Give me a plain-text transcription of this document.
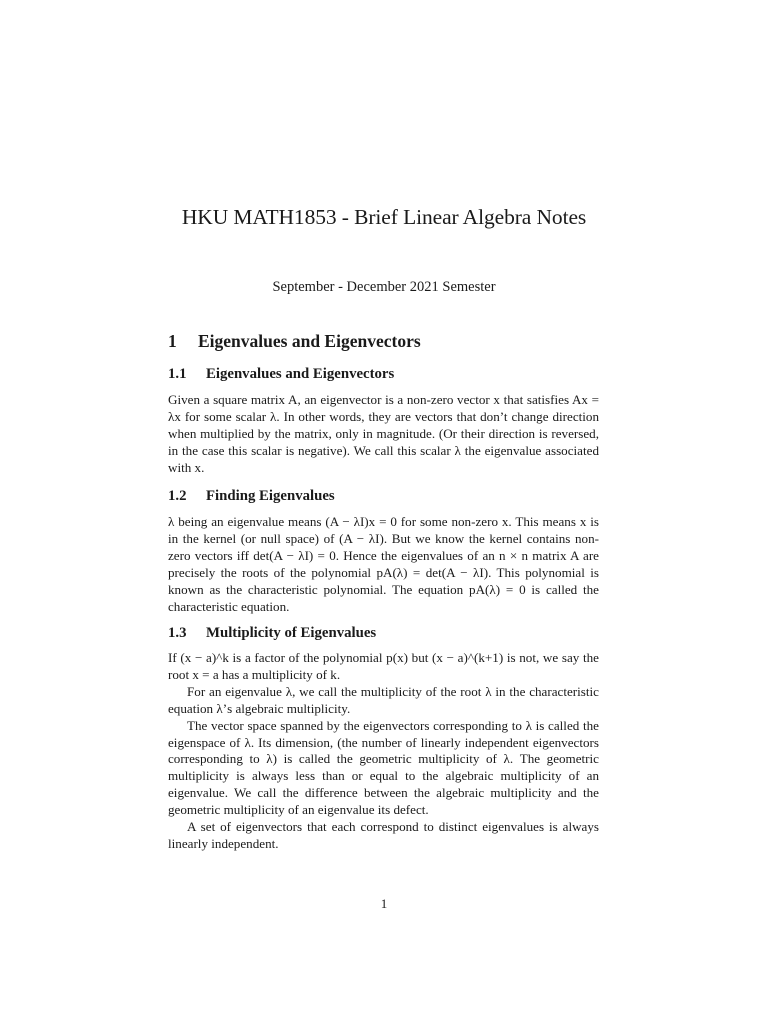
HKU MATH1853 - Brief Linear Algebra Notes
September - December 2021 Semester
1 Eigenvalues and Eigenvectors
1.1 Eigenvalues and Eigenvectors

Given a square matrix A, an eigenvector is a non-zero vector x that satisfies Ax = λx for some scalar λ. In other words, they are vectors that don’t change direction when multiplied by the matrix, only in magnitude. (Or their direction is reversed, in the case this scalar is negative). We call this scalar λ the eigenvalue associated with x.

1.2 Finding Eigenvalues

λ being an eigenvalue means (A − λI)x = 0 for some non-zero x. This means x is in the kernel (or null space) of (A − λI). But we know the kernel contains non-zero vectors iff det(A − λI) = 0. Hence the eigenvalues of an n × n matrix A are precisely the roots of the polynomial pA(λ) = det(A − λI). This polynomial is known as the characteristic polynomial. The equation pA(λ) = 0 is called the characteristic equation.

1.3 Multiplicity of Eigenvalues

If (x − a)^k is a factor of the polynomial p(x) but (x − a)^(k+1) is not, we say the root x = a has a multiplicity of k.

For an eigenvalue λ, we call the multiplicity of the root λ in the characteristic equation λ’s algebraic multiplicity.

The vector space spanned by the eigenvectors corresponding to λ is called the eigenspace of λ. Its dimension, (the number of linearly independent eigenvectors corresponding to λ) is called the geometric multiplicity of λ. The geometric multiplicity is always less than or equal to the algebraic multiplicity of an eigenvalue. We call the difference between the algebraic multiplicity and the geometric multiplicity of an eigenvalue its defect.

A set of eigenvectors that each correspond to distinct eigenvalues is always linearly independent.

1
